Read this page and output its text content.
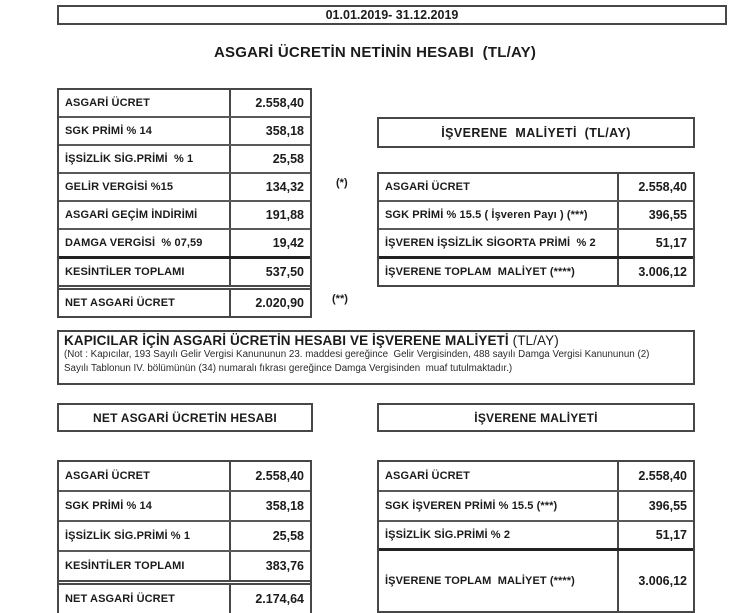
01.01.2019- 31.12.2019
ASGARİ ÜCRETİN NETİNİN HESABI  (TL/AY)
ASGARİ ÜCRET	2.558,40
SGK PRİMİ % 14	358,18
İŞSİZLİK SİG.PRİMİ  % 1	25,58
GELİR VERGİSİ %15	134,32
ASGARİ GEÇİM İNDİRİMİ	191,88
DAMGA VERGİSİ  % 07,59	19,42
KESİNTİLER TOPLAMI	537,50
NET ASGARİ ÜCRET	2.020,90
(*)
(**)
İŞVERENE  MALİYETİ  (TL/AY)
ASGARİ ÜCRET	2.558,40
SGK PRİMİ % 15.5 ( İşveren Payı ) (***)	396,55
İŞVEREN İŞSİZLİK SİGORTA PRİMİ  % 2	51,17
İŞVERENE TOPLAM  MALİYET (****)	3.006,12
KAPICILAR İÇİN ASGARİ ÜCRETİN HESABI VE İŞVERENE MALİYETİ (TL/AY)
(Not : Kapıcılar, 193 Sayılı Gelir Vergisi Kanununun 23. maddesi gereğince  Gelir Vergisinden, 488 sayılı Damga Vergisi Kanununun (2)
Sayılı Tablonun IV. bölümünün (34) numaralı fıkrası gereğince Damga Vergisinden  muaf tutulmaktadır.)
NET ASGARİ ÜCRETİN HESABI	İŞVERENE MALİYETİ
ASGARİ ÜCRET	2.558,40
SGK PRİMİ % 14	358,18
İŞSİZLİK SİG.PRİMİ % 1	25,58
KESİNTİLER TOPLAMI	383,76
NET ASGARİ ÜCRET	2.174,64
ASGARİ ÜCRET	2.558,40
SGK İŞVEREN PRİMİ % 15.5 (***)	396,55
İŞSİZLİK SİG.PRİMİ % 2	51,17
İŞVERENE TOPLAM  MALİYET (****)	3.006,12
